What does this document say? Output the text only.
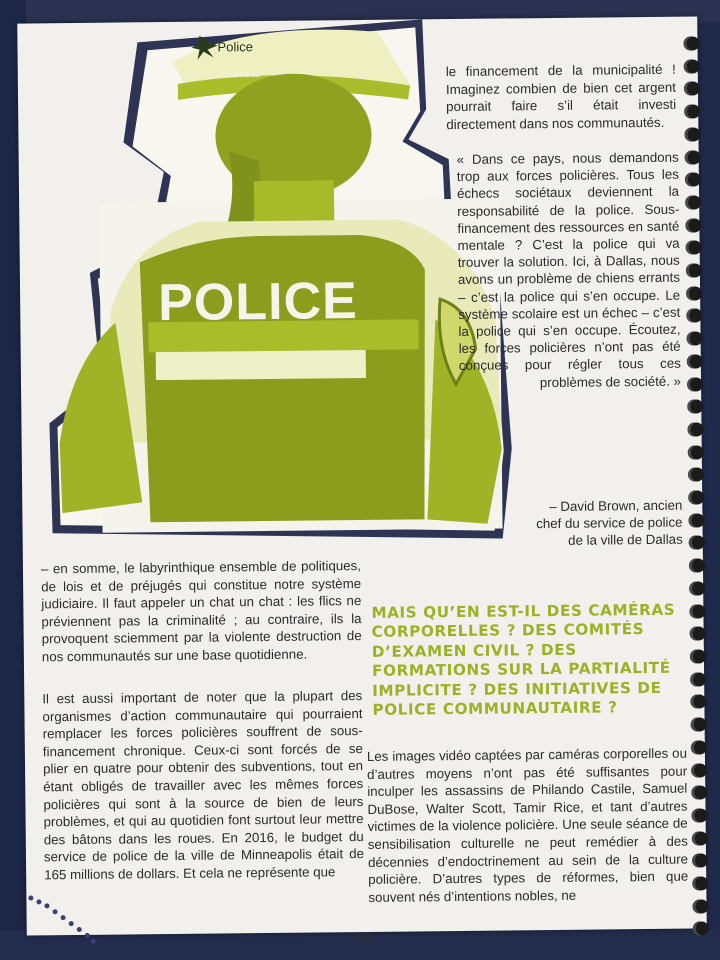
Police
carneau
POLICE
le financement de la municipalité ! Imaginez combien de bien cet argent pourrait faire s’il était investi directement dans nos communautés.
« Dans ce pays, nous demandons trop aux forces policières. Tous les échecs sociétaux deviennent la responsabilité de la police. Sous-financement des ressources en santé mentale ? C’est la police qui va trouver la solution. Ici, à Dallas, nous avons un problème de chiens errants – c’est la police qui s’en occupe. Le système scolaire est un échec – c’est la police qui s’en occupe. Écoutez, les forces policières n’ont pas été conçues pour régler tous ces problèmes de société. »
– David Brown, ancien chef du service de police de la ville de Dallas
– en somme, le labyrinthique ensemble de politiques, de lois et de préjugés qui constitue notre système judiciaire. Il faut appeler un chat un chat : les flics ne préviennent pas la criminalité ; au contraire, ils la provoquent sciemment par la violente destruction de nos communautés sur une base quotidienne.
Il est aussi important de noter que la plupart des organismes d’action communautaire qui pourraient remplacer les forces policières souffrent de sous-financement chronique. Ceux-ci sont forcés de se plier en quatre pour obtenir des subventions, tout en étant obligés de travailler avec les mêmes forces policières qui sont à la source de bien de leurs problèmes, et qui au quotidien font surtout leur mettre des bâtons dans les roues. En 2016, le budget du service de police de la ville de Minneapolis était de 165 millions de dollars. Et cela ne représente que
MAIS QU’EN EST-IL DES CAMÉRAS CORPORELLES ? DES COMITÉS D’EXAMEN CIVIL ? DES FORMATIONS SUR LA PARTIALITÉ IMPLICITE ? DES INITIATIVES DE POLICE COMMUNAUTAIRE ?
Les images vidéo captées par caméras corporelles ou d’autres moyens n’ont pas été suffisantes pour inculper les assassins de Philando Castile, Samuel DuBose, Walter Scott, Tamir Rice, et tant d’autres victimes de la violence policière. Une seule séance de sensibilisation culturelle ne peut remédier à des décennies d’endoctrinement au sein de la culture policière. D’autres types de réformes, bien que souvent nés d’intentions nobles, ne
102
